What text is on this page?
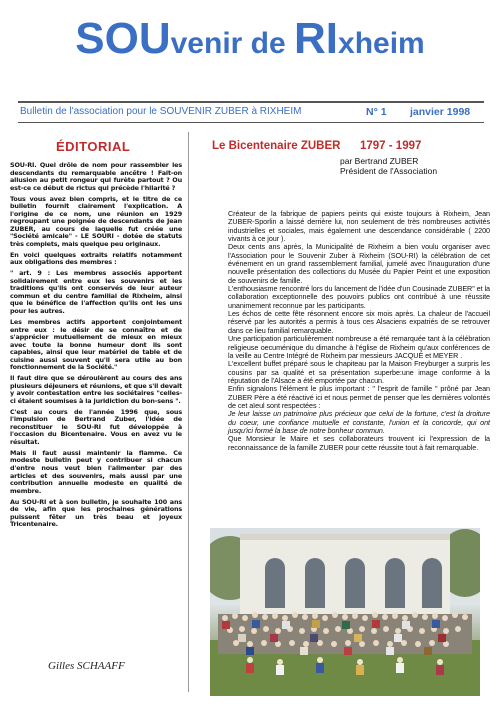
SOUvenir de RIxheim
Bulletin de l'association pour le SOUVENIR ZUBER à RIXHEIM	N° 1 janvier 1998
ÉDITORIAL

SOU-RI. Quel drôle de nom pour rassembler les descendants du remarquable ancêtre ! Fait-on allusion au petit rongeur qui furète partout ? Ou est-ce ce début de rictus qui précède l'hilarité ?

Tous vous avez bien compris, et le titre de ce bulletin fournit clairement l'explication. A l'origine de ce nom, une réunion en 1929 regroupant une poignée de descendants de Jean ZUBER, au cours de laquelle fut créée une "Société amicale" - LE SOURI - dotée de statuts très complets, mais quelque peu originaux.

En voici quelques extraits relatifs notamment aux obligations des membres :

" art. 9 : Les membres associés apportent solidairement entre eux les souvenirs et les traditions qu'ils ont conservés de leur auteur commun et du centre familial de Rixheim, ainsi que le bénéfice de l'affection qu'ils ont les uns pour les autres.

Les membres actifs apportent conjointement entre eux : le désir de se connaître et de s'apprécier mutuellement de mieux en mieux avec toute la bonne humeur dont ils sont capables, ainsi que leur matériel de table et de cuisine aussi souvent qu'il sera utile au bon fonctionnement de la Société."

Il faut dire que se déroulèrent au cours des ans plusieurs déjeuners et réunions, et que s'il devait y avoir contestation entre les sociétaires "celles-ci étaient soumises à la juridiction du bon-sens ".

C'est au cours de l'année 1996 que, sous l'impulsion de Bertrand Zuber, l'idée de reconstituer le SOU-RI fut développée à l'occasion du Bicentenaire. Vous en avez vu le résultat.

Mais il faut aussi maintenir la flamme. Ce modeste bulletin peut y contribuer si chacun d'entre nous veut bien l'alimenter par des articles et des souvenirs, mais aussi par une contribution annuelle modeste en qualité de membre.

Au SOU-RI et à son bulletin, je souhaite 100 ans de vie, afin que les prochaines générations puissent fêter un très beau et joyeux Tricentenaire.

Gilles SCHAAFF
Le Bicentenaire ZUBER 1797 - 1997
par Bertrand ZUBER
Président de l'Association

Créateur de la fabrique de papiers peints qui existe toujours à Rixheim, Jean ZUBER-Sporlin a laissé derrière lui, non seulement de très nombreuses activités industrielles et sociales, mais également une descendance considérable ( 2200 vivants à ce jour ).

Deux cents ans après, la Municipalité de Rixheim a bien voulu organiser avec l'Association pour le Souvenir Zuber à Rixheim (SOU-RI) la célébration de cet événement en un grand rassemblement familial, jumelé avec l'inauguration d'une nouvelle présentation des collections du Musée du Papier Peint et une exposition de souvenirs de famille.

L'enthousiasme rencontré lors du lancement de l'idée d'un Cousinade ZUBER" et la collaboration exceptionnelle des pouvoirs publics ont contribué à une réussite unanimement reconnue par les participants.

Les échos de cette fête résonnent encore six mois après. La chaleur de l'accueil réservé par les autorités a permis à tous ces Alsaciens expatriés de se retrouver dans ce lieu familial remarquable.

Une participation particulièrement nombreuse a été remarquée tant à la célébration religieuse oecuménique du dimanche à l'église de Rixheim qu'aux conférences de la veille au Centre Intégré de Rixheim par messieurs JACQUÉ et MEYER .

L'excellent buffet préparé sous le chapiteau par la Maison Freyburger a surpris les cousins par sa qualité et sa présentation superbe:une image conforme à la réputation de l'Alsace a été emportée par chacun.

Enfin signalons l'élément le plus important : " l'esprit de famille " prôné par Jean ZUBER Père a été réactivé ici et nous permet de penser que les dernières volontés de cet aïeul sont respectées :

Je leur laisse un patrimoine plus précieux que celui de la fortune, c'est la droiture du coeur, une confiance mutuelle et constante, l'union et la concorde, qui ont jusqu'ici formé la base de notre bonheur commun.

Que Monsieur le Maire et ses collaborateurs trouvent ici l'expression de la reconnaissance de la famille ZUBER pour cette réussite tout à fait remarquable.
